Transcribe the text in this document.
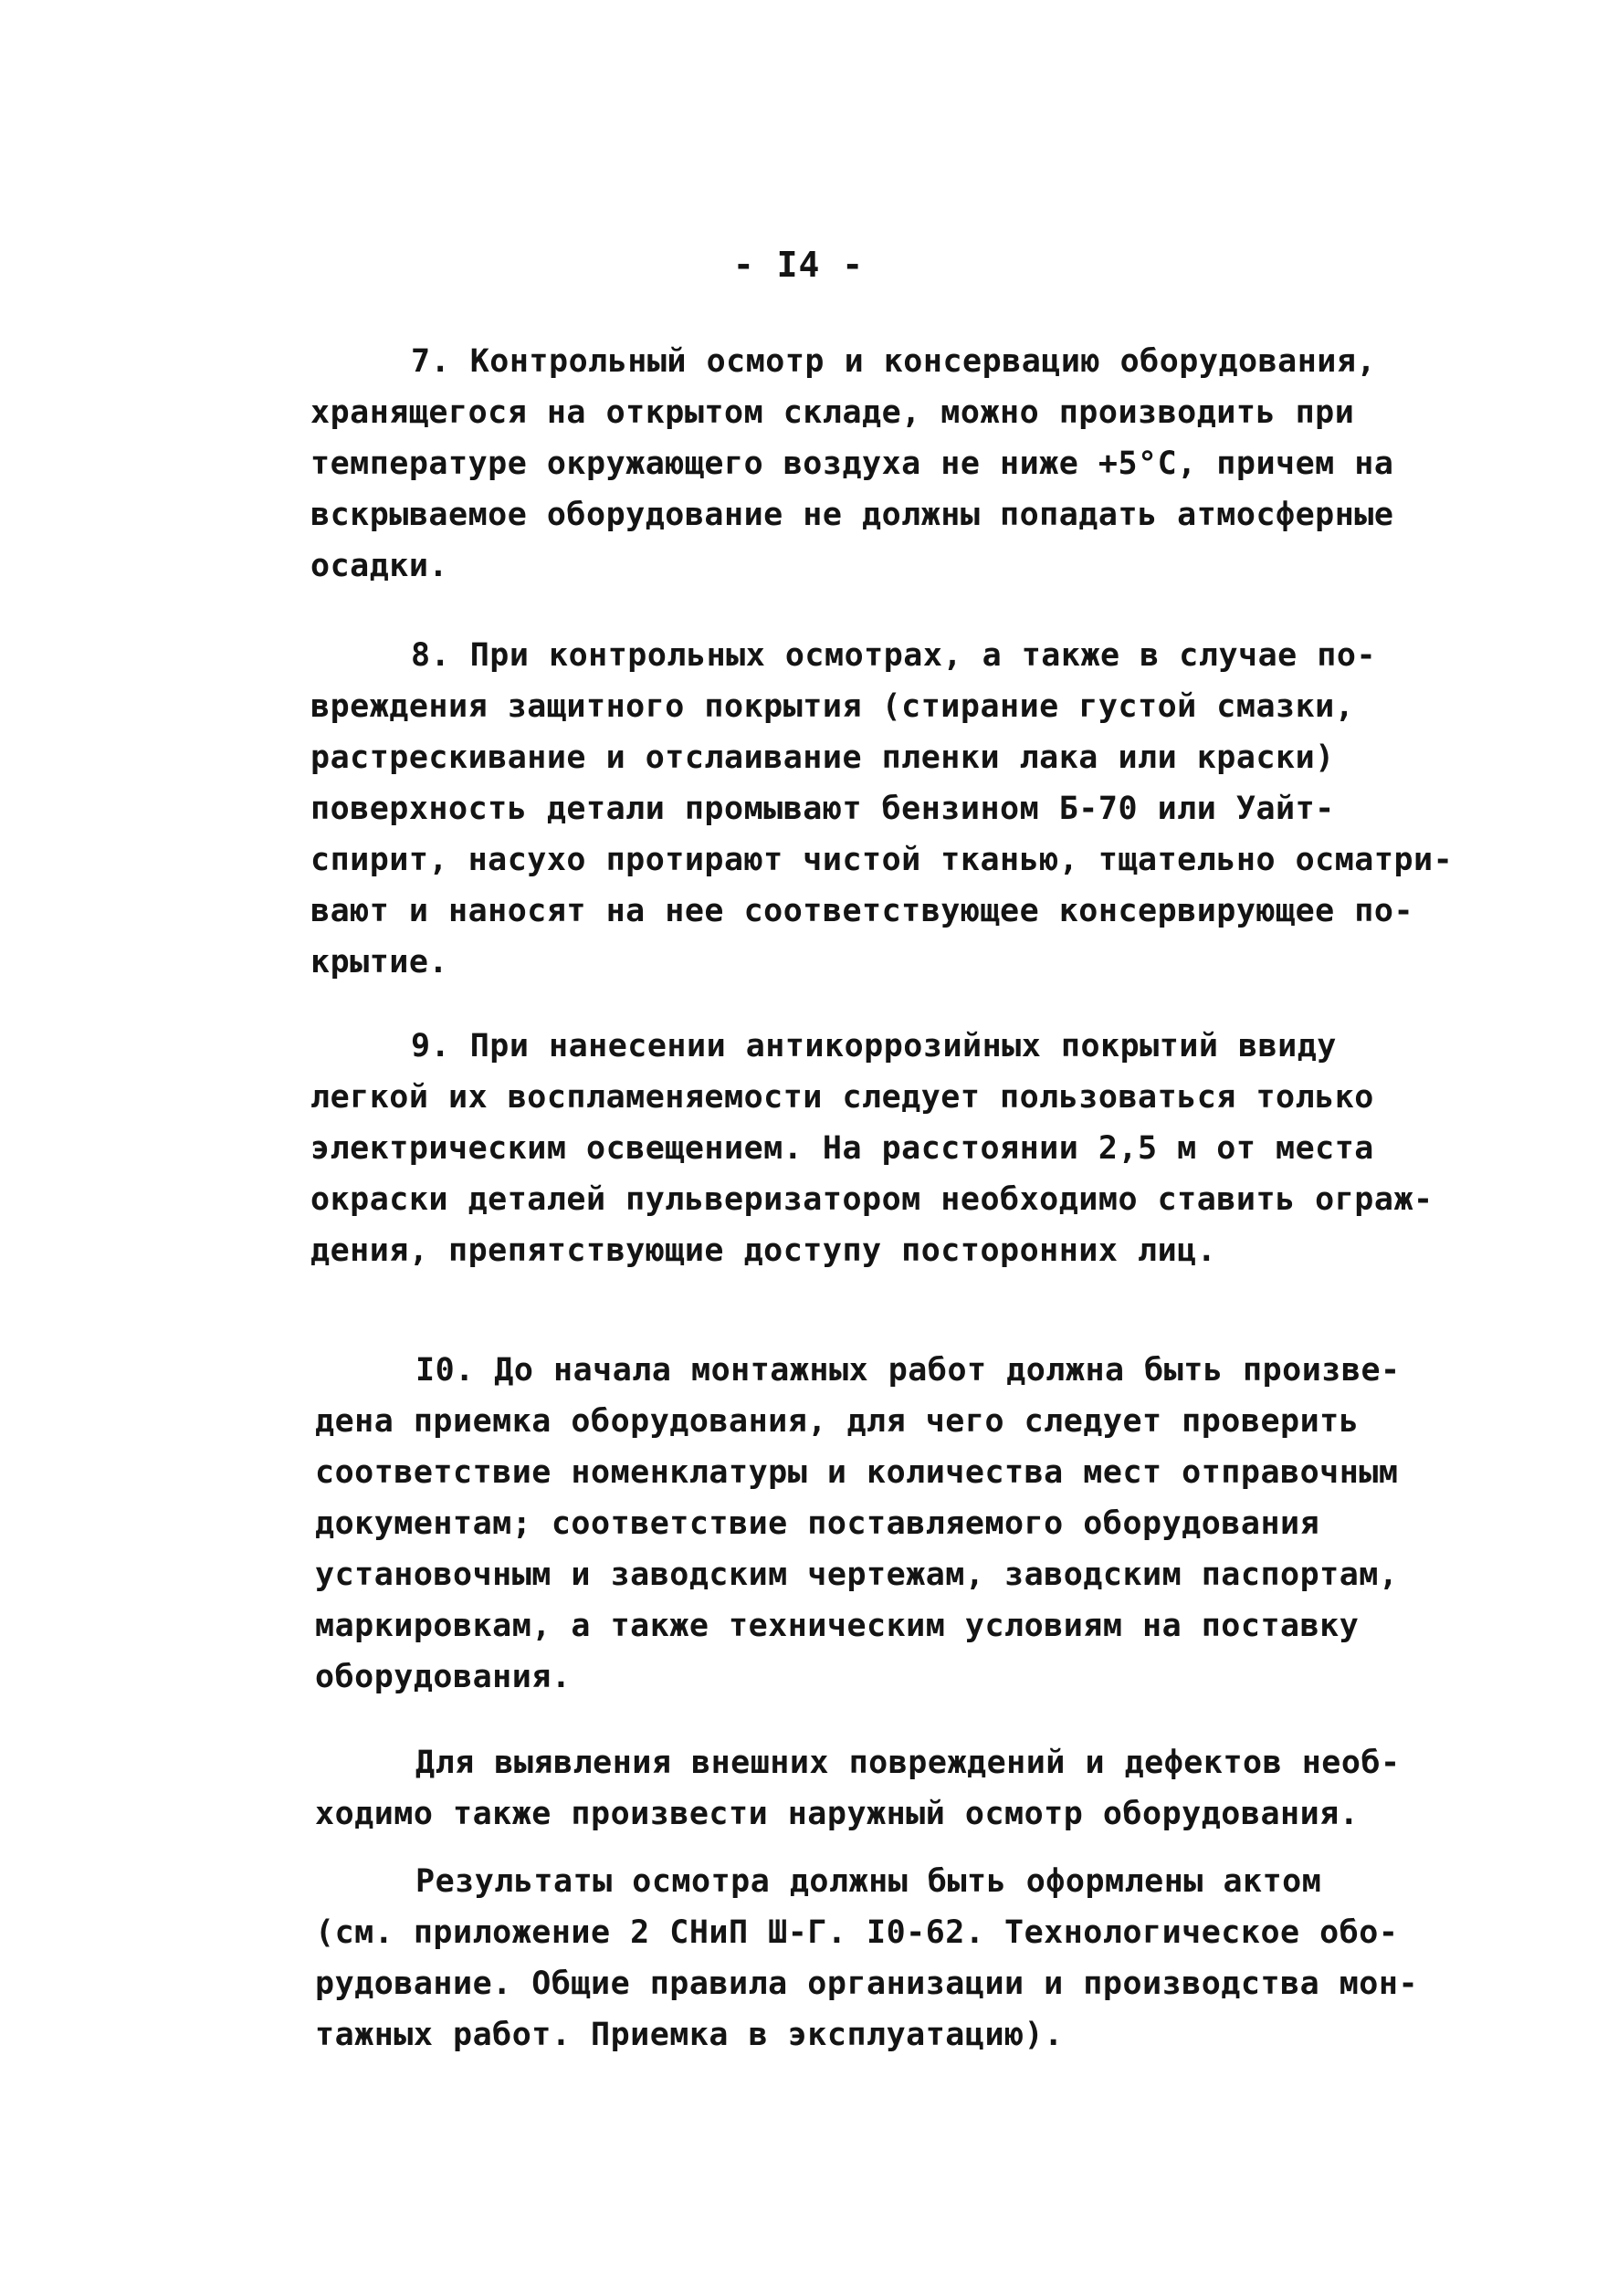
- I4 -
7. Контрольный осмотр и консервацию оборудования,
хранящегося на открытом складе, можно производить при
температуре окружающего воздуха не ниже +5°С, причем на
вскрываемое оборудование не должны попадать атмосферные
осадки.
8. При контрольных осмотрах, а также в случае по-
вреждения защитного покрытия (стирание густой смазки,
растрескивание и отслаивание пленки лака или краски)
поверхность детали промывают бензином Б-70 или Уайт-
спирит, насухо протирают чистой тканью, тщательно осматри-
вают и наносят на нее соответствующее консервирующее по-
крытие.
9. При нанесении антикоррозийных покрытий ввиду
легкой их воспламеняемости следует пользоваться только
электрическим освещением. На расстоянии 2,5 м от места
окраски деталей пульверизатором необходимо ставить ограж-
дения, препятствующие доступу посторонних лиц.
I0. До начала монтажных работ должна быть произве-
дена приемка оборудования, для чего следует проверить
соответствие номенклатуры и количества мест отправочным
документам; соответствие поставляемого оборудования
установочным и заводским чертежам, заводским паспортам,
маркировкам, а также техническим условиям на поставку
оборудования.
Для выявления внешних повреждений и дефектов необ-
ходимо также произвести наружный осмотр оборудования.
Результаты осмотра должны быть оформлены актом
(см. приложение 2 СНиП Ш-Г. I0-62. Технологическое обо-
рудование. Общие правила организации и производства мон-
тажных работ. Приемка в эксплуатацию).
